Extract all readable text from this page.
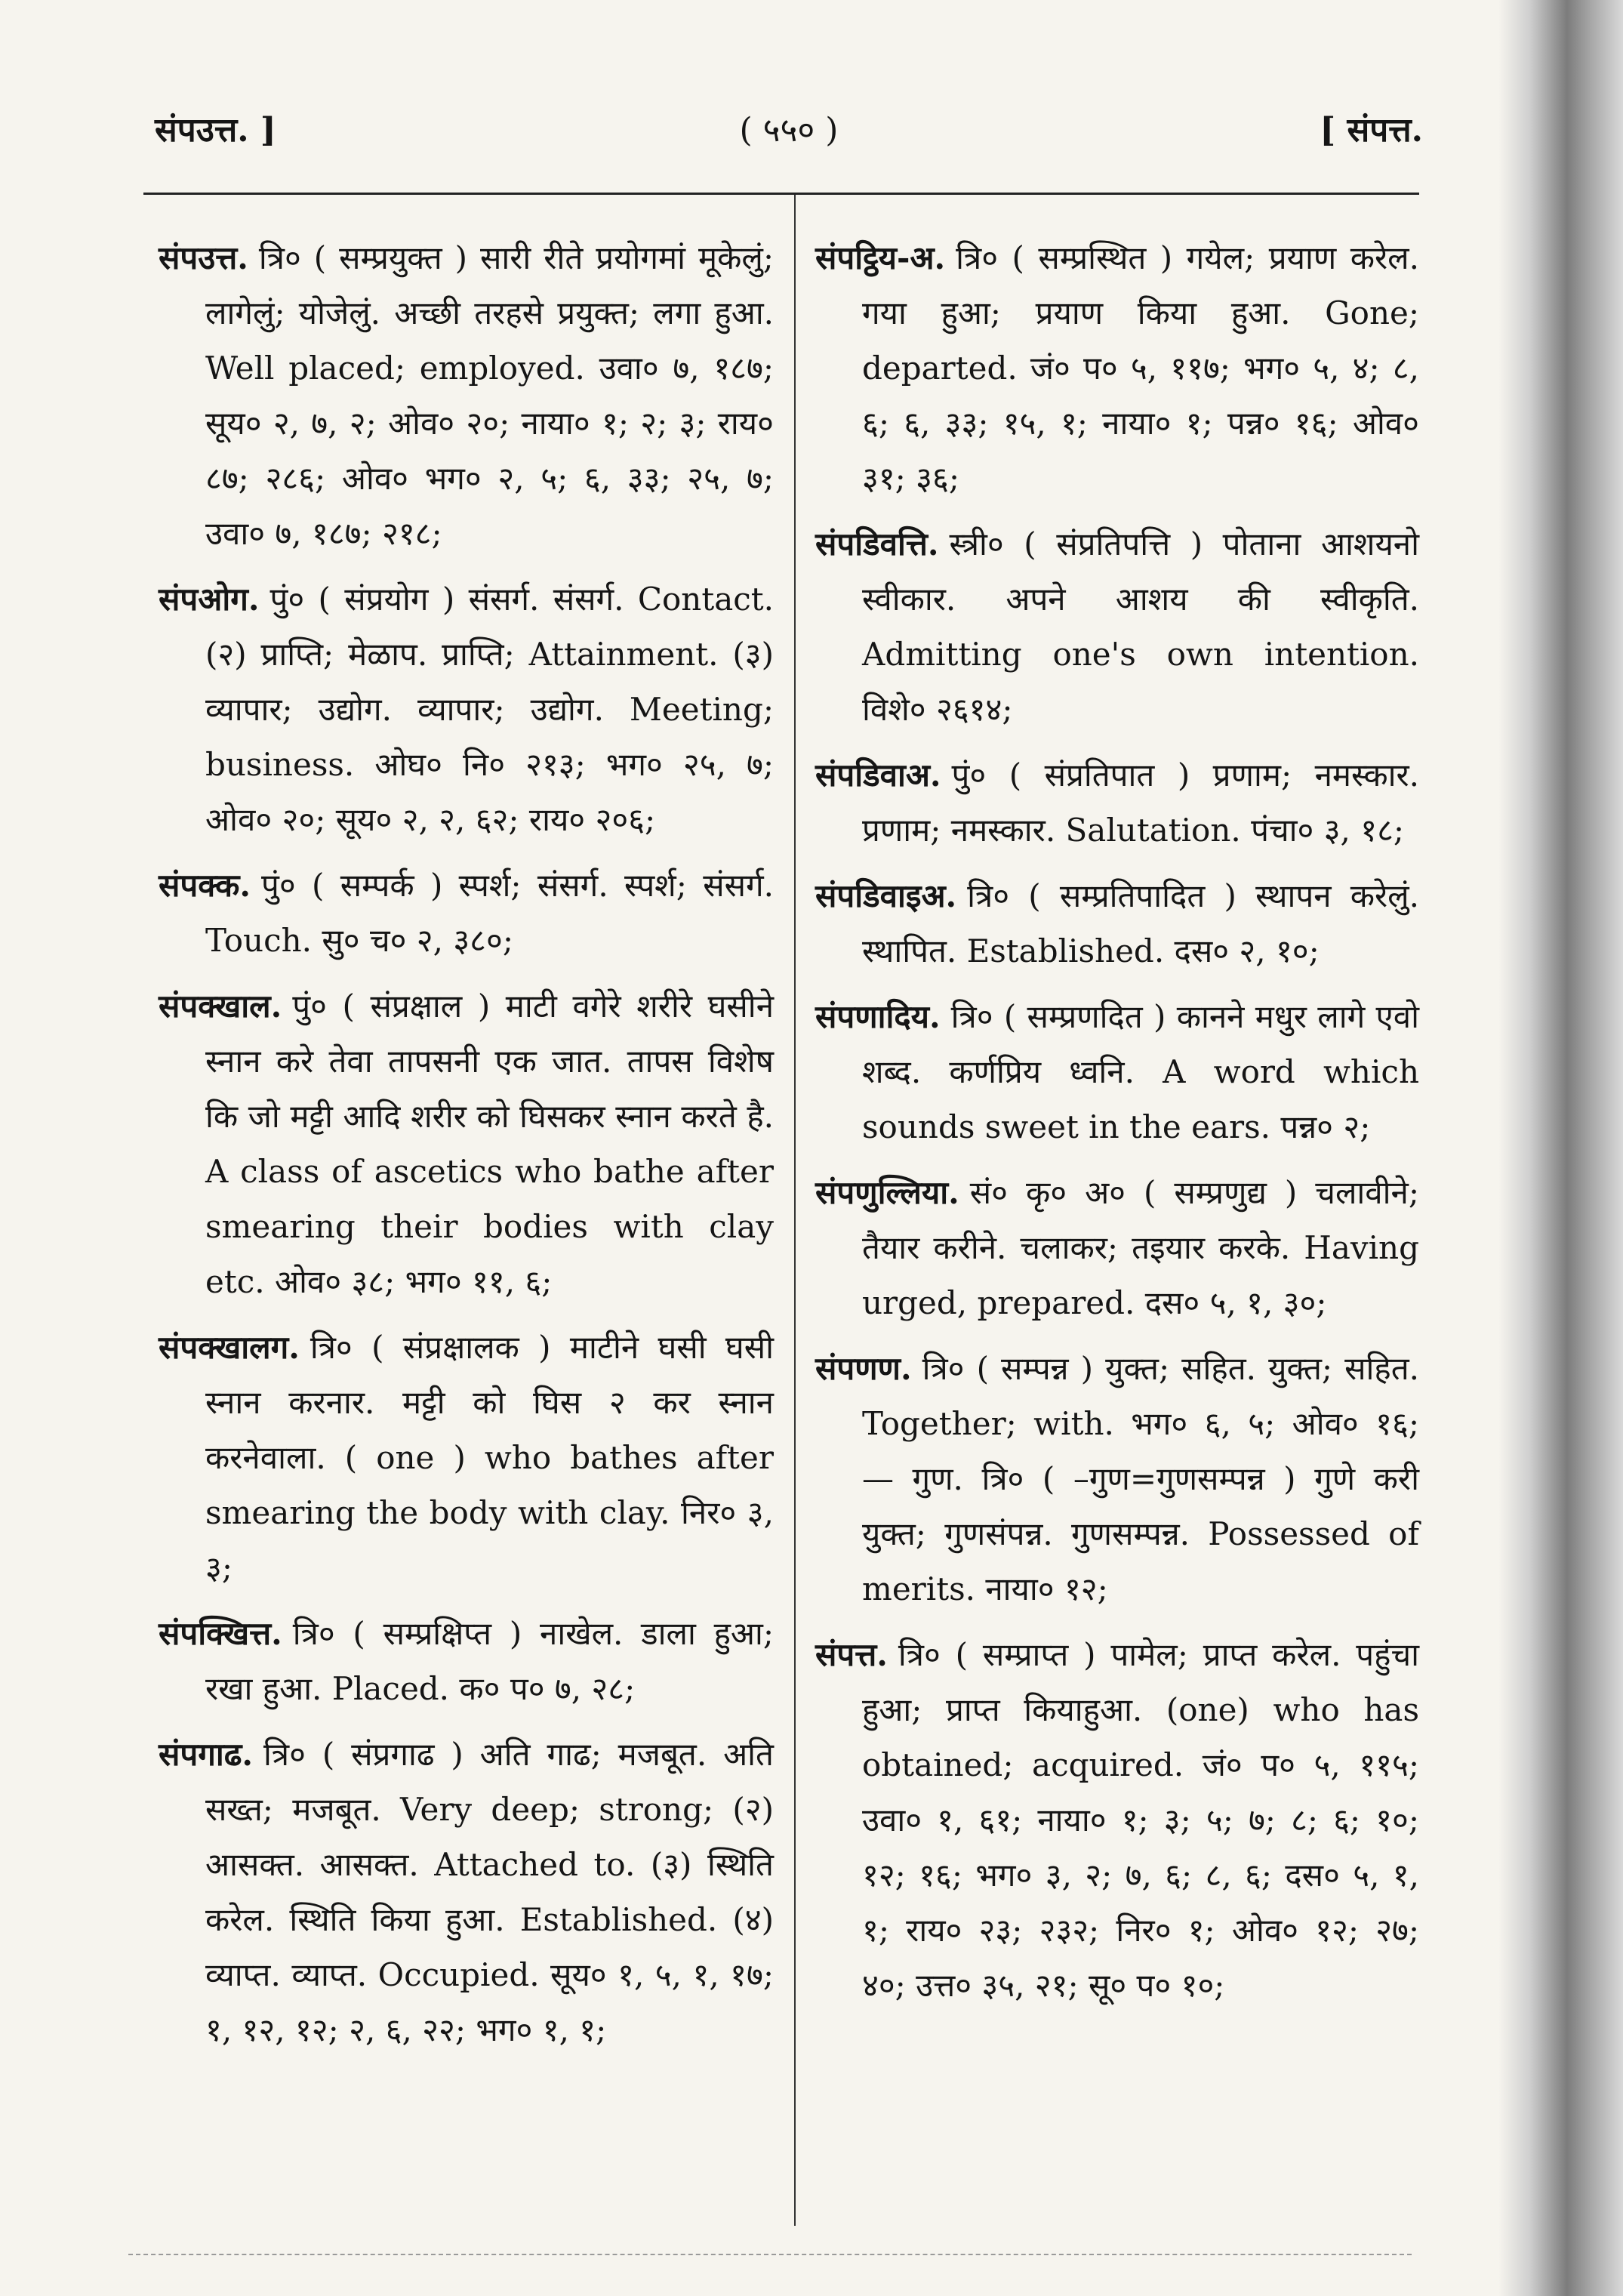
संपउत्त. ]	( ५५० )	[ संपत्त.

संपउत्त. त्रि० ( सम्प्रयुक्त ) सारी रीते प्रयोगमां मूकेलुं; लागेलुं; योजेलुं. अच्छी तरहसे प्रयुक्त; लगा हुआ. Well placed; employed. उवा० ७, १८७; सूय० २, ७, २; ओव० २०; नाया० १; २; ३; राय० ८७; २८६; ओव० भग० २, ५; ६, ३३; २५, ७; उवा० ७, १८७; २१८;

संपओग. पुं० ( संप्रयोग ) संसर्ग. संसर्ग. Contact. (२) प्राप्ति; मेळाप. प्राप्ति; Attainment. (३) व्यापार; उद्योग. व्यापार; उद्योग. Meeting; business. ओघ० नि० २१३; भग० २५, ७; ओव० २०; सूय० २, २, ६२; राय० २०६;

संपक्क. पुं० ( सम्पर्क ) स्पर्श; संसर्ग. स्पर्श; संसर्ग. Touch. सु० च० २, ३८०;

संपक्खाल. पुं० ( संप्रक्षाल ) माटी वगेरे शरीरे घसीने स्नान करे तेवा तापसनी एक जात. तापस विशेष कि जो मट्टी आदि शरीर को घिसकर स्नान करते है. A class of ascetics who bathe after smearing their bodies with clay etc. ओव० ३८; भग० ११, ६;

संपक्खालग. त्रि० ( संप्रक्षालक ) माटीने घसी घसी स्नान करनार. मट्टी को घिस २ कर स्नान करनेवाला. ( one ) who bathes after smearing the body with clay. निर० ३, ३;

संपक्खित्त. त्रि० ( सम्प्रक्षिप्त ) नाखेल. डाला हुआ; रखा हुआ. Placed. क० प० ७, २८;

संपगाढ. त्रि० ( संप्रगाढ ) अति गाढ; मजबूत. अति सख्त; मजबूत. Very deep; strong; (२) आसक्त. आसक्त. Attached to. (३) स्थिति करेल. स्थिति किया हुआ. Established. (४) व्याप्त. व्याप्त. Occupied. सूय० १, ५, १, १७; १, १२, १२; २, ६, २२; भग० १, १;

संपट्ठिय-अ. त्रि० ( सम्प्रस्थित ) गयेल; प्रयाण करेल. गया हुआ; प्रयाण किया हुआ. Gone; departed. जं० प० ५, ११७; भग० ५, ४; ८, ६; ६, ३३; १५, १; नाया० १; पन्न० १६; ओव० ३१; ३६;

संपडिवत्ति. स्त्री० ( संप्रतिपत्ति ) पोताना आशयनो स्वीकार. अपने आशय की स्वीकृति. Admitting one's own intention. विशे० २६१४;

संपडिवाअ. पुं० ( संप्रतिपात ) प्रणाम; नमस्कार. प्रणाम; नमस्कार. Salutation. पंचा० ३, १८;

संपडिवाइअ. त्रि० ( सम्प्रतिपादित ) स्थापन करेलुं. स्थापित. Established. दस० २, १०;

संपणादिय. त्रि० ( सम्प्रणदित ) कानने मधुर लागे एवो शब्द. कर्णप्रिय ध्वनि. A word which sounds sweet in the ears. पन्न० २;

संपणुल्लिया. सं० कृ० अ० ( सम्प्रणुद्य ) चलावीने; तैयार करीने. चलाकर; तइयार करके. Having urged, prepared. दस० ५, १, ३०;

संपणण. त्रि० ( सम्पन्न ) युक्त; सहित. युक्त; सहित. Together; with. भग० ६, ५; ओव० १६; — गुण. त्रि० ( –गुण=गुणसम्पन्न ) गुणे करी युक्त; गुणसंपन्न. गुणसम्पन्न. Possessed of merits. नाया० १२;

संपत्त. त्रि० ( सम्प्राप्त ) पामेल; प्राप्त करेल. पहुंचा हुआ; प्राप्त कियाहुआ. (one) who has obtained; acquired. जं० प० ५, ११५; उवा० १, ६१; नाया० १; ३; ५; ७; ८; ६; १०; १२; १६; भग० ३, २; ७, ६; ८, ६; दस० ५, १, १; राय० २३; २३२; निर० १; ओव० १२; २७; ४०; उत्त० ३५, २१; सू० प० १०;
